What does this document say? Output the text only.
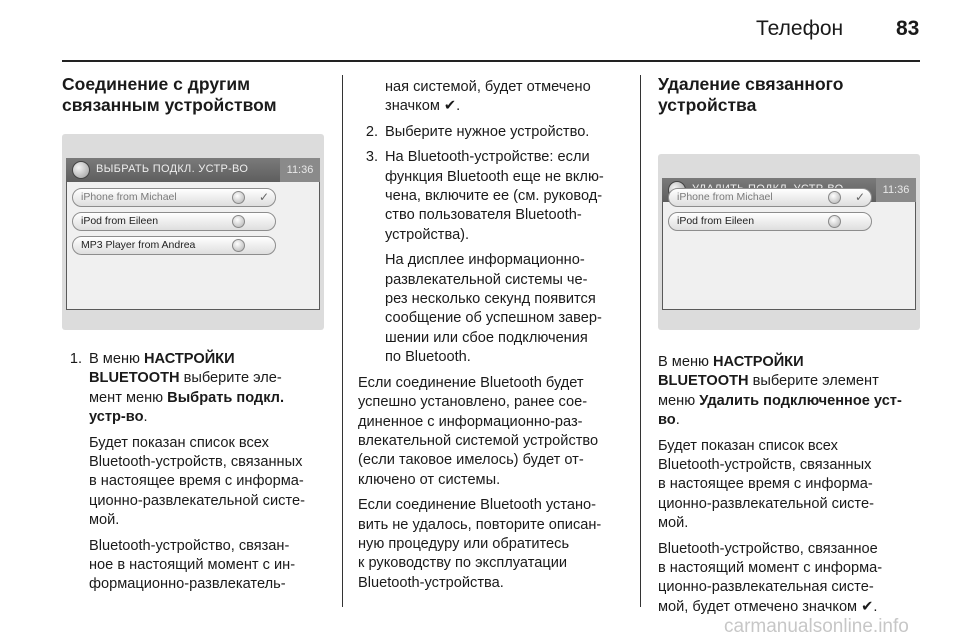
Телефон	83
Соединение с другим
связанным устройством
ВЫБРАТЬ ПОДКЛ. УСТР-ВО	11:36
iPhone from Michael	✓
iPod from Eileen
MP3 Player from Andrea
1. В меню НАСТРОЙКИ
BLUETOOTH выберите эле-
мент меню Выбрать подкл.
устр-во.

Будет показан список всех
Bluetooth-устройств, связанных
в настоящее время с информа-
ционно-развлекательной систе-
мой.

Bluetooth-устройство, связан-
ное в настоящий момент с ин-
формационно-развлекатель-

ная системой, будет отмечено
значком ✔.

2. Выберите нужное устройство.
3. На Bluetooth-устройстве: если
функция Bluetooth еще не вклю-
чена, включите ее (см. руковод-
ство пользователя Bluetooth-
устройства).

На дисплее информационно-
развлекательной системы че-
рез несколько секунд появится
сообщение об успешном завер-
шении или сбое подключения
по Bluetooth.

Если соединение Bluetooth будет
успешно установлено, ранее сое-
диненное с информационно-раз-
влекательной системой устройство
(если таковое имелось) будет от-
ключено от системы.

Если соединение Bluetooth устано-
вить не удалось, повторите описан-
ную процедуру или обратитесь
к руководству по эксплуатации
Bluetooth-устройства.

Удаление связанного
устройства
11:36
iPhone from Michael	✓
iPod from Eileen

В меню НАСТРОЙКИ
BLUETOOTH выберите элемент
меню Удалить подключенное уст-
во.

Будет показан список всех
Bluetooth-устройств, связанных
в настоящее время с информа-
ционно-развлекательной систе-
мой.

Bluetooth-устройство, связанное
в настоящий момент с информа-
ционно-развлекательная систе-
мой, будет отмечено значком ✔.

carmanualsonline.info
